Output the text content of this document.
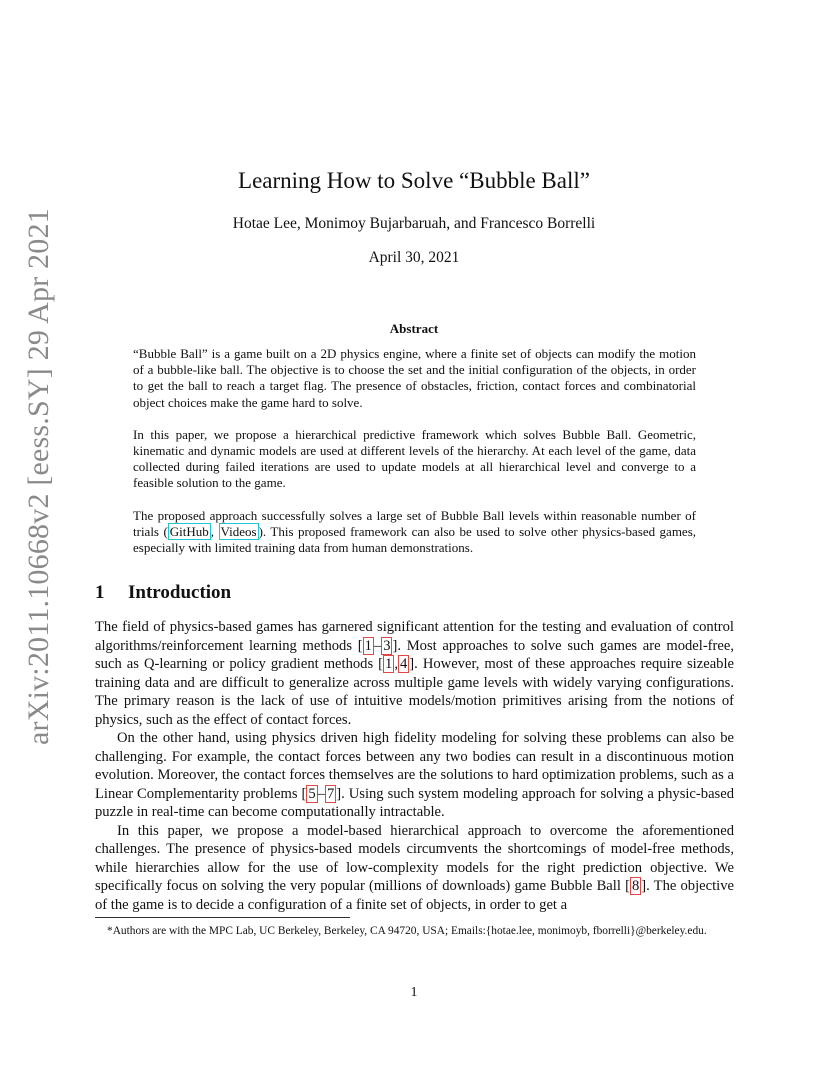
arXiv:2011.10668v2 [eess.SY] 29 Apr 2021
Learning How to Solve “Bubble Ball”
Hotae Lee, Monimoy Bujarbaruah, and Francesco Borrelli
April 30, 2021
Abstract

“Bubble Ball” is a game built on a 2D physics engine, where a finite set of objects can modify the motion of a bubble-like ball. The objective is to choose the set and the initial configuration of the objects, in order to get the ball to reach a target flag. The presence of obstacles, friction, contact forces and combinatorial object choices make the game hard to solve.

In this paper, we propose a hierarchical predictive framework which solves Bubble Ball. Geometric, kinematic and dynamic models are used at different levels of the hierarchy. At each level of the game, data collected during failed iterations are used to update models at all hierarchical level and converge to a feasible solution to the game.

The proposed approach successfully solves a large set of Bubble Ball levels within reasonable number of trials ( GitHub , Videos ). This proposed framework can also be used to solve other physics-based games, especially with limited training data from human demonstrations.

1 Introduction

The field of physics-based games has garnered significant attention for the testing and evaluation of control algorithms/reinforcement learning methods [ 1 – 3 ]. Most approaches to solve such games are model-free, such as Q-learning or policy gradient methods [ 1 , 4 ]. However, most of these approaches require sizeable training data and are difficult to generalize across multiple game levels with widely varying configurations. The primary reason is the lack of use of intuitive models/motion primitives arising from the notions of physics, such as the effect of contact forces.

On the other hand, using physics driven high fidelity modeling for solving these problems can also be challenging. For example, the contact forces between any two bodies can result in a discontinuous motion evolution. Moreover, the contact forces themselves are the solutions to hard optimization problems, such as a Linear Complementarity problems [ 5 – 7 ]. Using such system modeling approach for solving a physic-based puzzle in real-time can become computationally intractable.

In this paper, we propose a model-based hierarchical approach to overcome the aforementioned challenges. The presence of physics-based models circumvents the shortcomings of model-free methods, while hierarchies allow for the use of low-complexity models for the right prediction objective. We specifically focus on solving the very popular (millions of downloads) game Bubble Ball [ 8 ]. The objective of the game is to decide a configuration of a finite set of objects, in order to get a

*Authors are with the MPC Lab, UC Berkeley, Berkeley, CA 94720, USA; Emails:{hotae.lee, monimoyb, fborrelli}@berkeley.edu.
1
